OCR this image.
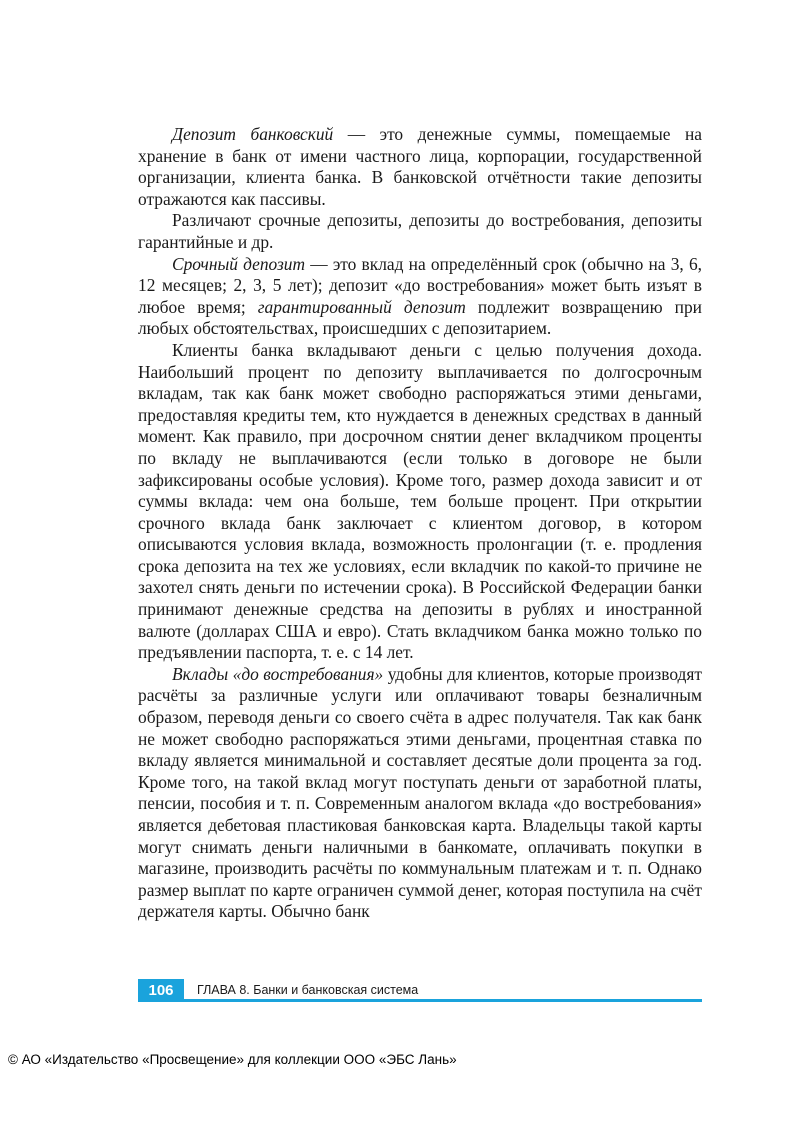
Депозит банковский — это денежные суммы, помещаемые на хранение в банк от имени частного лица, корпорации, государственной организации, клиента банка. В банковской отчётности такие депозиты отражаются как пассивы.

Различают срочные депозиты, депозиты до востребования, депозиты гарантийные и др.

Срочный депозит — это вклад на определённый срок (обычно на 3, 6, 12 месяцев; 2, 3, 5 лет); депозит «до востребования» может быть изъят в любое время; гарантированный депозит подлежит возвращению при любых обстоятельствах, происшедших с депозитарием.

Клиенты банка вкладывают деньги с целью получения дохода. Наибольший процент по депозиту выплачивается по долгосрочным вкладам, так как банк может свободно распоряжаться этими деньгами, предоставляя кредиты тем, кто нуждается в денежных средствах в данный момент. Как правило, при досрочном снятии денег вкладчиком проценты по вкладу не выплачиваются (если только в договоре не были зафиксированы особые условия). Кроме того, размер дохода зависит и от суммы вклада: чем она больше, тем больше процент. При открытии срочного вклада банк заключает с клиентом договор, в котором описываются условия вклада, возможность пролонгации (т. е. продления срока депозита на тех же условиях, если вкладчик по какой-то причине не захотел снять деньги по истечении срока). В Российской Федерации банки принимают денежные средства на депозиты в рублях и иностранной валюте (долларах США и евро). Стать вкладчиком банка можно только по предъявлении паспорта, т. е. с 14 лет.

Вклады «до востребования» удобны для клиентов, которые производят расчёты за различные услуги или оплачивают товары безналичным образом, переводя деньги со своего счёта в адрес получателя. Так как банк не может свободно распоряжаться этими деньгами, процентная ставка по вкладу является минимальной и составляет десятые доли процента за год. Кроме того, на такой вклад могут поступать деньги от заработной платы, пенсии, пособия и т. п. Современным аналогом вклада «до востребования» является дебетовая пластиковая банковская карта. Владельцы такой карты могут снимать деньги наличными в банкомате, оплачивать покупки в магазине, производить расчёты по коммунальным платежам и т. п. Однако размер выплат по карте ограничен суммой денег, которая поступила на счёт держателя карты. Обычно банк

106	ГЛАВА 8. Банки и банковская система
© АО «Издательство «Просвещение» для коллекции ООО «ЭБС Лань»
